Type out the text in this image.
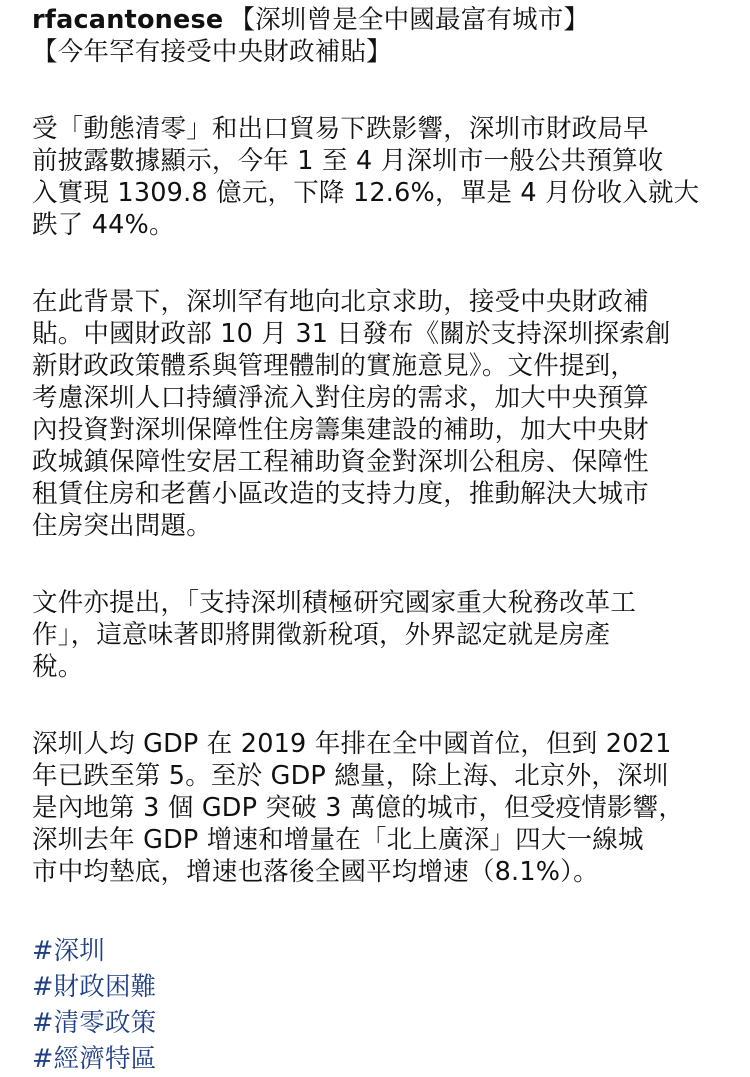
rfacantonese 【深圳曾是全中國最富有城市】

【今年罕有接受中央財政補貼】

受「動態清零」和出口貿易下跌影響，深圳市財政局早
前披露數據顯示，今年 1 至 4 月深圳市一般公共預算收
入實現 1309.8 億元，下降 12.6%，單是 4 月份收入就大
跌了 44%。

在此背景下，深圳罕有地向北京求助，接受中央財政補
貼。中國財政部 10 月 31 日發布《關於支持深圳探索創
新財政政策體系與管理體制的實施意見》。文件提到，
考慮深圳人口持續淨流入對住房的需求，加大中央預算
內投資對深圳保障性住房籌集建設的補助，加大中央財
政城鎮保障性安居工程補助資金對深圳公租房、保障性
租賃住房和老舊小區改造的支持力度，推動解決大城市
住房突出問題。

文件亦提出，「支持深圳積極研究國家重大稅務改革工
作」，這意味著即將開徵新稅項，外界認定就是房產
稅。

深圳人均 GDP 在 2019 年排在全中國首位，但到 2021
年已跌至第 5。至於 GDP 總量，除上海、北京外，深圳
是內地第 3 個 GDP 突破 3 萬億的城市，但受疫情影響，
深圳去年 GDP 增速和增量在「北上廣深」四大一線城
市中均墊底，增速也落後全國平均增速（8.1%）。

#深圳
#財政困難
#清零政策
#經濟特區
